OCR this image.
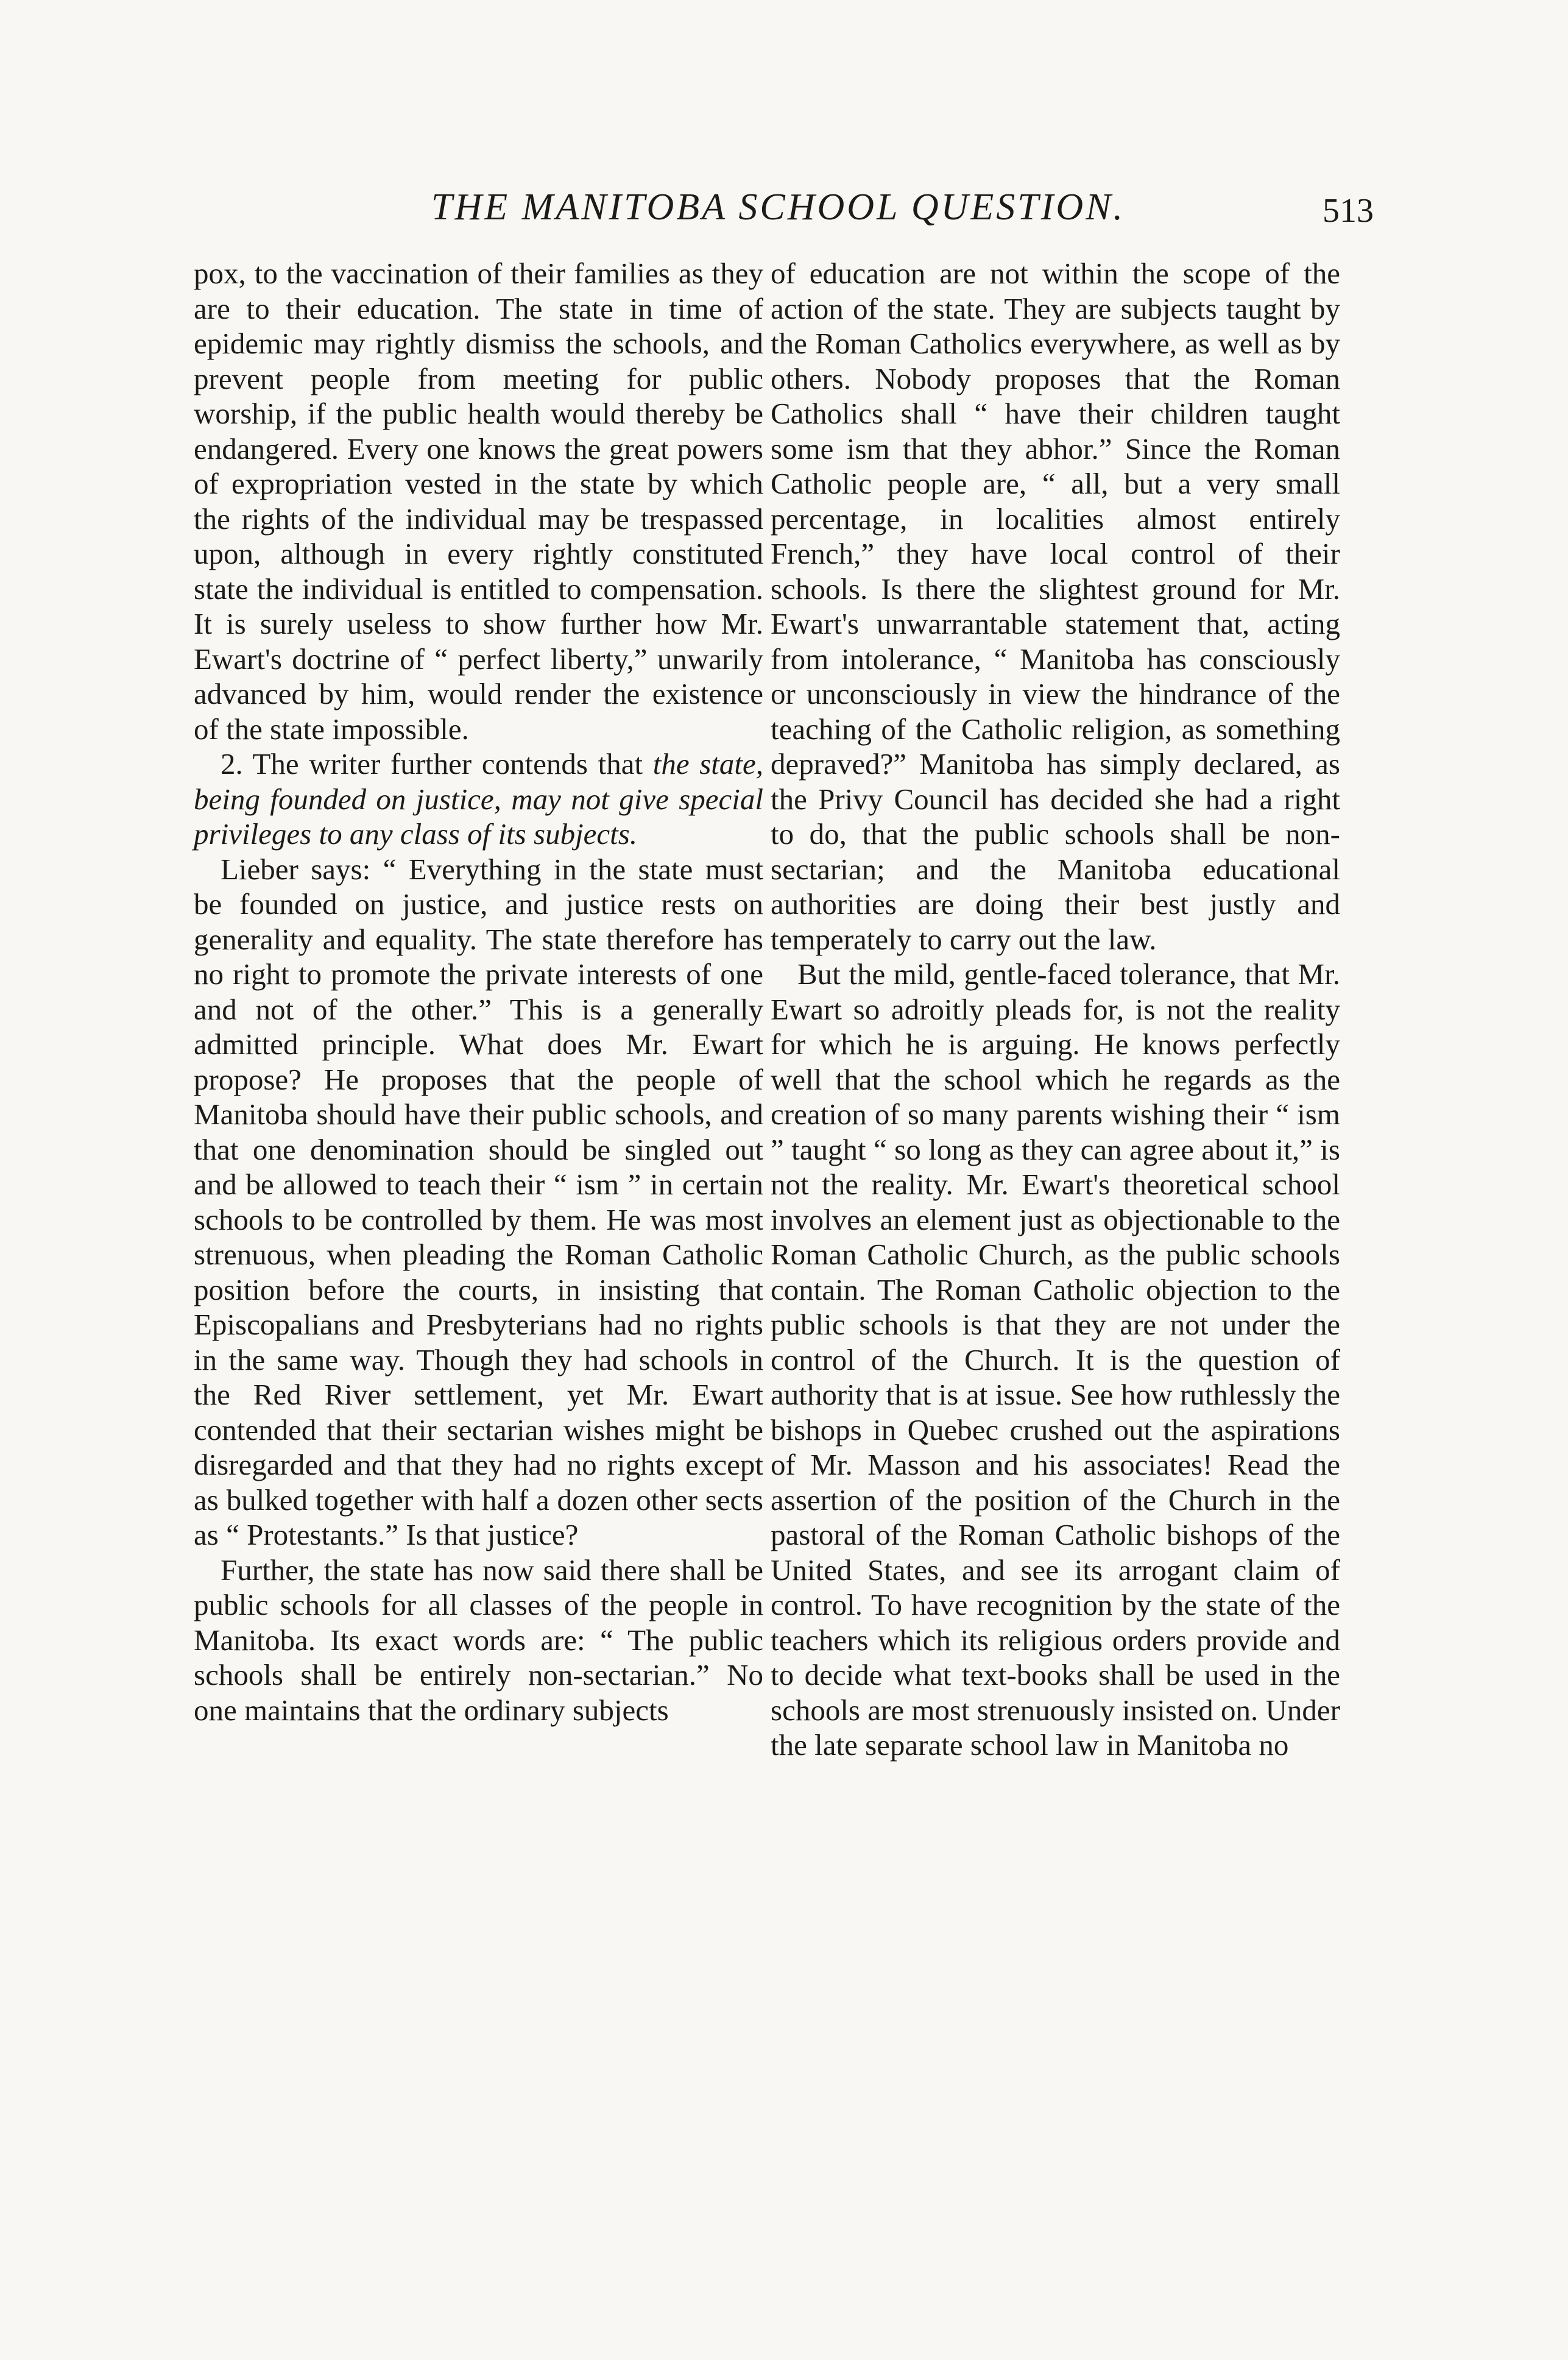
THE MANITOBA SCHOOL QUESTION.	513

pox, to the vaccination of their families as they are to their education. The state in time of epidemic may rightly dismiss the schools, and prevent people from meeting for public worship, if the public health would thereby be endangered. Every one knows the great powers of expropriation vested in the state by which the rights of the individual may be trespassed upon, although in every rightly constituted state the individual is entitled to compensation. It is surely useless to show further how Mr. Ewart's doctrine of “ perfect liberty,” unwarily advanced by him, would render the existence of the state impossible.

2. The writer further contends that the state, being founded on justice, may not give special privileges to any class of its subjects.

Lieber says: “ Everything in the state must be founded on justice, and justice rests on generality and equality. The state therefore has no right to promote the private interests of one and not of the other.” This is a generally admitted principle. What does Mr. Ewart propose? He proposes that the people of Manitoba should have their public schools, and that one denomination should be singled out and be allowed to teach their “ ism ” in certain schools to be controlled by them. He was most strenuous, when pleading the Roman Catholic position before the courts, in insisting that Episcopalians and Presbyterians had no rights in the same way. Though they had schools in the Red River settlement, yet Mr. Ewart contended that their sectarian wishes might be disregarded and that they had no rights except as bulked together with half a dozen other sects as “ Protestants.” Is that justice?

Further, the state has now said there shall be public schools for all classes of the people in Manitoba. Its exact words are: “ The public schools shall be entirely non-sectarian.” No one maintains that the ordinary subjects

of education are not within the scope of the action of the state. They are subjects taught by the Roman Catholics everywhere, as well as by others. Nobody proposes that the Roman Catholics shall “ have their children taught some ism that they abhor.” Since the Roman Catholic people are, “ all, but a very small percentage, in localities almost entirely French,” they have local control of their schools. Is there the slightest ground for Mr. Ewart's unwarrantable statement that, acting from intolerance, “ Manitoba has consciously or unconsciously in view the hindrance of the teaching of the Catholic religion, as something depraved?” Manitoba has simply declared, as the Privy Council has decided she had a right to do, that the public schools shall be non-sectarian; and the Manitoba educational authorities are doing their best justly and temperately to carry out the law.

But the mild, gentle-faced tolerance, that Mr. Ewart so adroitly pleads for, is not the reality for which he is arguing. He knows perfectly well that the school which he regards as the creation of so many parents wishing their “ ism ” taught “ so long as they can agree about it,” is not the reality. Mr. Ewart's theoretical school involves an element just as objectionable to the Roman Catholic Church, as the public schools contain. The Roman Catholic objection to the public schools is that they are not under the control of the Church. It is the question of authority that is at issue. See how ruthlessly the bishops in Quebec crushed out the aspirations of Mr. Masson and his associates! Read the assertion of the position of the Church in the pastoral of the Roman Catholic bishops of the United States, and see its arrogant claim of control. To have recognition by the state of the teachers which its religious orders provide and to decide what text-books shall be used in the schools are most strenuously insisted on. Under the late separate school law in Manitoba no
